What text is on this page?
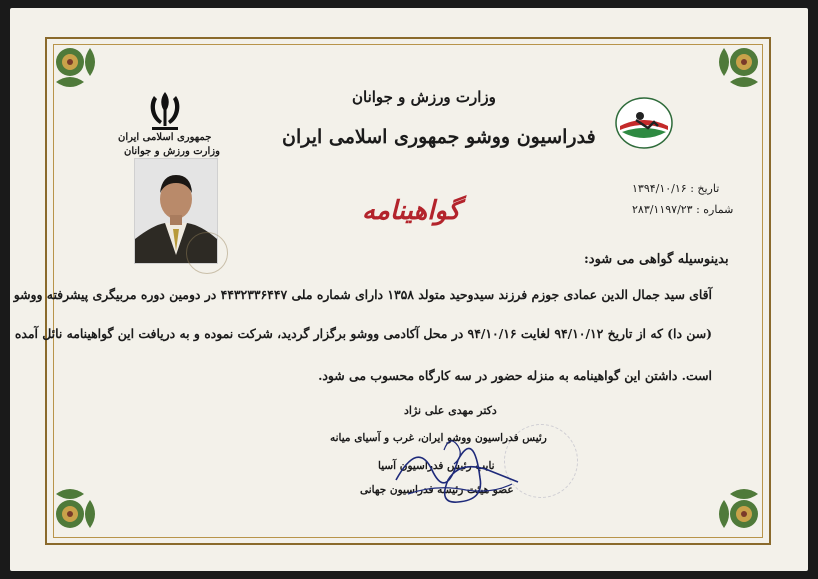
جمهوری اسلامی ایران
وزارت ورزش و جوانان
وزارت ورزش و جوانان
فدراسیون ووشو جمهوری اسلامی ایران
گواهینامه
تاریخ : ۱۳۹۴/۱۰/۱۶
شماره : ۲۸۳/۱۱۹۷/۲۳
بدینوسیله گواهی می شود:
آقای سید جمال الدین عمادی جوزم فرزند سیدوحید متولد ۱۳۵۸ دارای شماره ملی ۴۴۳۲۳۳۶۴۴۷ در دومین دوره مربیگری پیشرفته ووشو
(سن دا) که از تاریخ ۹۴/۱۰/۱۲ لغایت ۹۴/۱۰/۱۶ در محل آکادمی ووشو برگزار گردید، شرکت نموده و به دریافت این گواهینامه نائل آمده
است. داشتن این گواهینامه به منزله حضور در سه کارگاه محسوب می شود.
دکتر مهدی علی نژاد
رئیس فدراسیون ووشو ایران، غرب و آسیای میانه
نایب رئیس فدراسیون آسیا
عضو هیئت رئیسه فدراسیون جهانی
